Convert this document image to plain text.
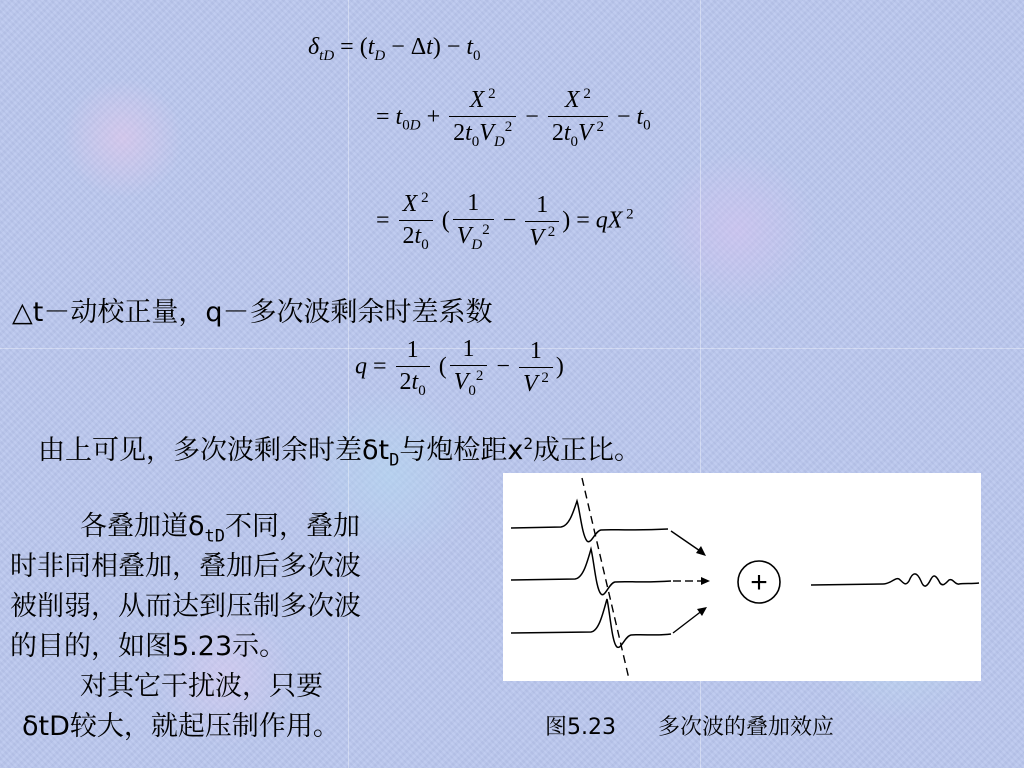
$\delta_{tD} = (t_D - \Delta t) - t_0$
= $t_{0D} + \frac{X ^2}{2t_0V_D^2} - \frac{X ^2}{2t_0V ^2} - t_0$
= $\frac{X ^2}{2t_0}$ ( $\frac{1}{V_D^2} - \frac{1}{V ^2}$ ) = qX $^2$
△t－动校正量，q－多次波剩余时差系数
$q = \frac{1}{2t_0}$ ( $\frac{1}{V_0^2} - \frac{1}{V ^2}$ )
由上可见，多次波剩余时差$\delta t_D$与炮检距$x^2$成正比。
各叠加道$\delta_{tD}$不同，叠加
时非同相叠加，叠加后多次波
被削弱，从而达到压制多次波
的目的，如图5.23示。
对其它干扰波，只要
δtD较大，就起压制作用。
+
图5.23 多次波的叠加效应
